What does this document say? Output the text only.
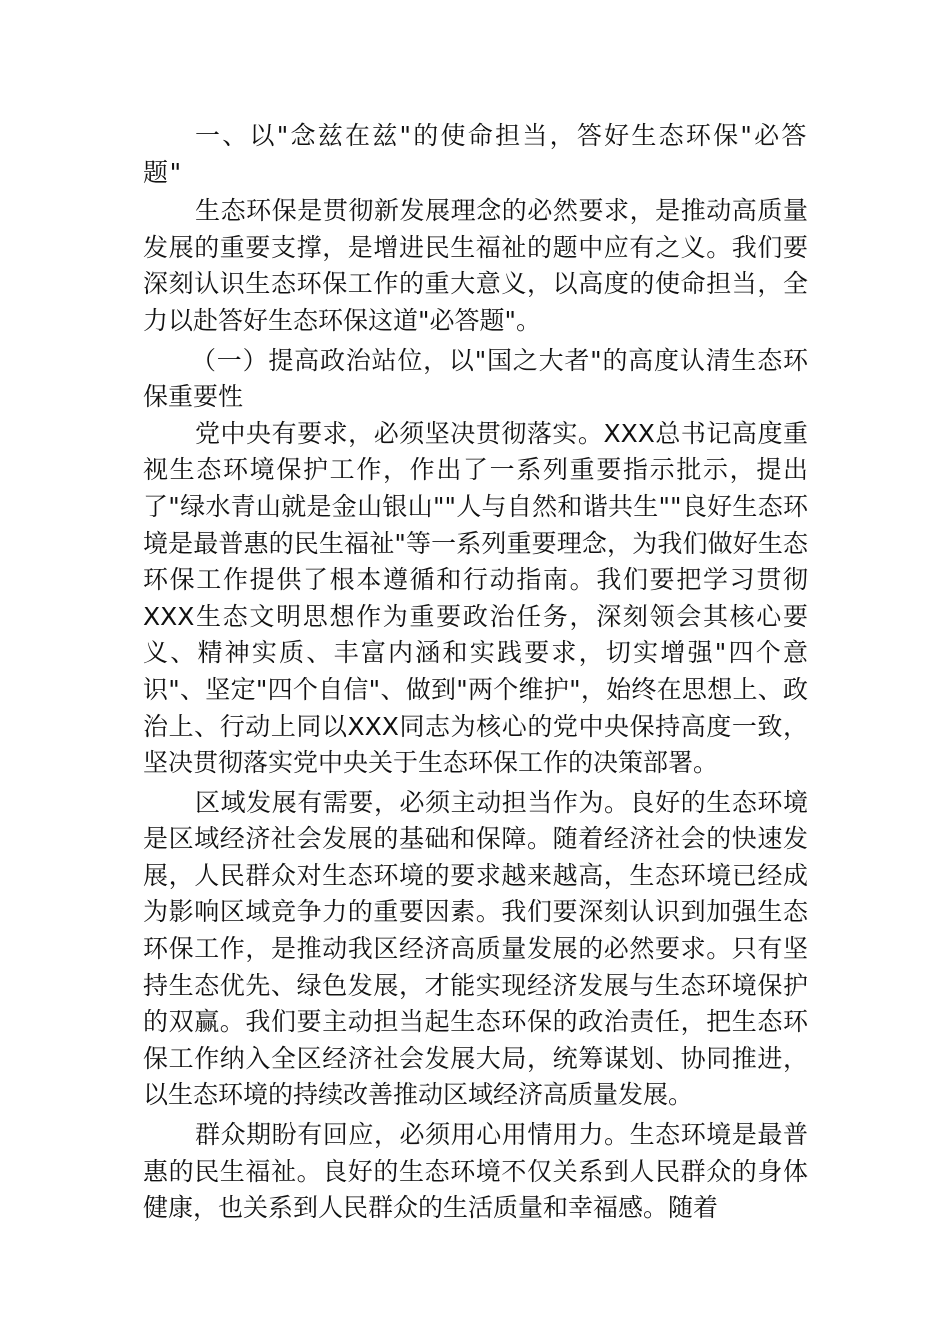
一、以"念兹在兹"的使命担当，答好生态环保"必答题"

生态环保是贯彻新发展理念的必然要求，是推动高质量发展的重要支撑，是增进民生福祉的题中应有之义。我们要深刻认识生态环保工作的重大意义，以高度的使命担当，全力以赴答好生态环保这道"必答题"。

（一）提高政治站位，以"国之大者"的高度认清生态环保重要性

党中央有要求，必须坚决贯彻落实。XXX总书记高度重视生态环境保护工作，作出了一系列重要指示批示，提出了"绿水青山就是金山银山""人与自然和谐共生""良好生态环境是最普惠的民生福祉"等一系列重要理念，为我们做好生态环保工作提供了根本遵循和行动指南。我们要把学习贯彻XXX生态文明思想作为重要政治任务，深刻领会其核心要义、精神实质、丰富内涵和实践要求，切实增强"四个意识"、坚定"四个自信"、做到"两个维护"，始终在思想上、政治上、行动上同以XXX同志为核心的党中央保持高度一致，坚决贯彻落实党中央关于生态环保工作的决策部署。

区域发展有需要，必须主动担当作为。良好的生态环境是区域经济社会发展的基础和保障。随着经济社会的快速发展，人民群众对生态环境的要求越来越高，生态环境已经成为影响区域竞争力的重要因素。我们要深刻认识到加强生态环保工作，是推动我区经济高质量发展的必然要求。只有坚持生态优先、绿色发展，才能实现经济发展与生态环境保护的双赢。我们要主动担当起生态环保的政治责任，把生态环保工作纳入全区经济社会发展大局，统筹谋划、协同推进，以生态环境的持续改善推动区域经济高质量发展。

群众期盼有回应，必须用心用情用力。生态环境是最普惠的民生福祉。良好的生态环境不仅关系到人民群众的身体健康，也关系到人民群众的生活质量和幸福感。随着
